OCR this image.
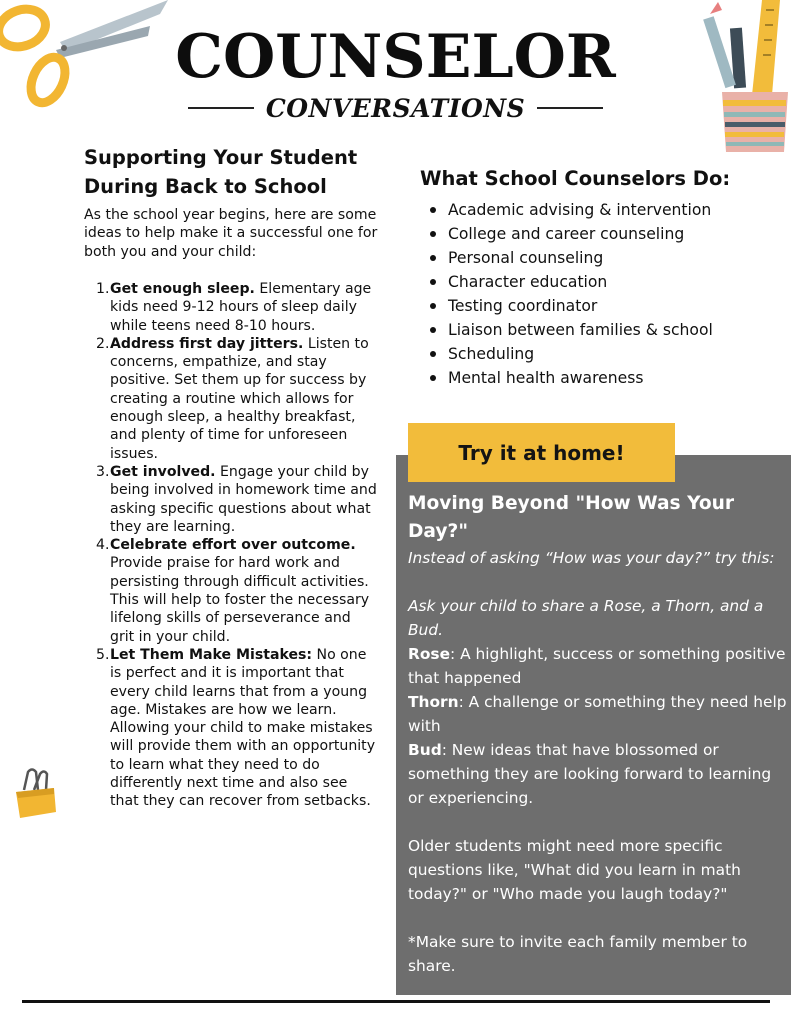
COUNSELOR
CONVERSATIONS
Supporting Your Student
During Back to School
As the school year begins, here are some ideas to help make it a successful one for both you and your child:
1. Get enough sleep. Elementary age kids need 9-12 hours of sleep daily while teens need 8-10 hours.
2. Address first day jitters. Listen to concerns, empathize, and stay positive. Set them up for success by creating a routine which allows for enough sleep, a healthy breakfast, and plenty of time for unforeseen issues.
3. Get involved. Engage your child by being involved in homework time and asking specific questions about what they are learning.
4. Celebrate effort over outcome. Provide praise for hard work and persisting through difficult activities. This will help to foster the necessary lifelong skills of perseverance and grit in your child.
5. Let Them Make Mistakes: No one is perfect and it is important that every child learns that from a young age. Mistakes are how we learn. Allowing your child to make mistakes will provide them with an opportunity to learn what they need to do differently next time and also see that they can recover from setbacks.
What School Counselors Do:
Academic advising & intervention
College and career counseling
Personal counseling
Character education
Testing coordinator
Liaison between families & school
Scheduling
Mental health awareness
Try it at home!
Moving Beyond "How Was Your Day?"

Instead of asking “How was your day?” try this:

Ask your child to share a Rose, a Thorn, and a Bud.

Rose: A highlight, success or something positive that happened

Thorn: A challenge or something they need help with

Bud: New ideas that have blossomed or something they are looking forward to learning or experiencing.

Older students might need more specific questions like, "What did you learn in math today?" or "Who made you laugh today?"

*Make sure to invite each family member to share.
